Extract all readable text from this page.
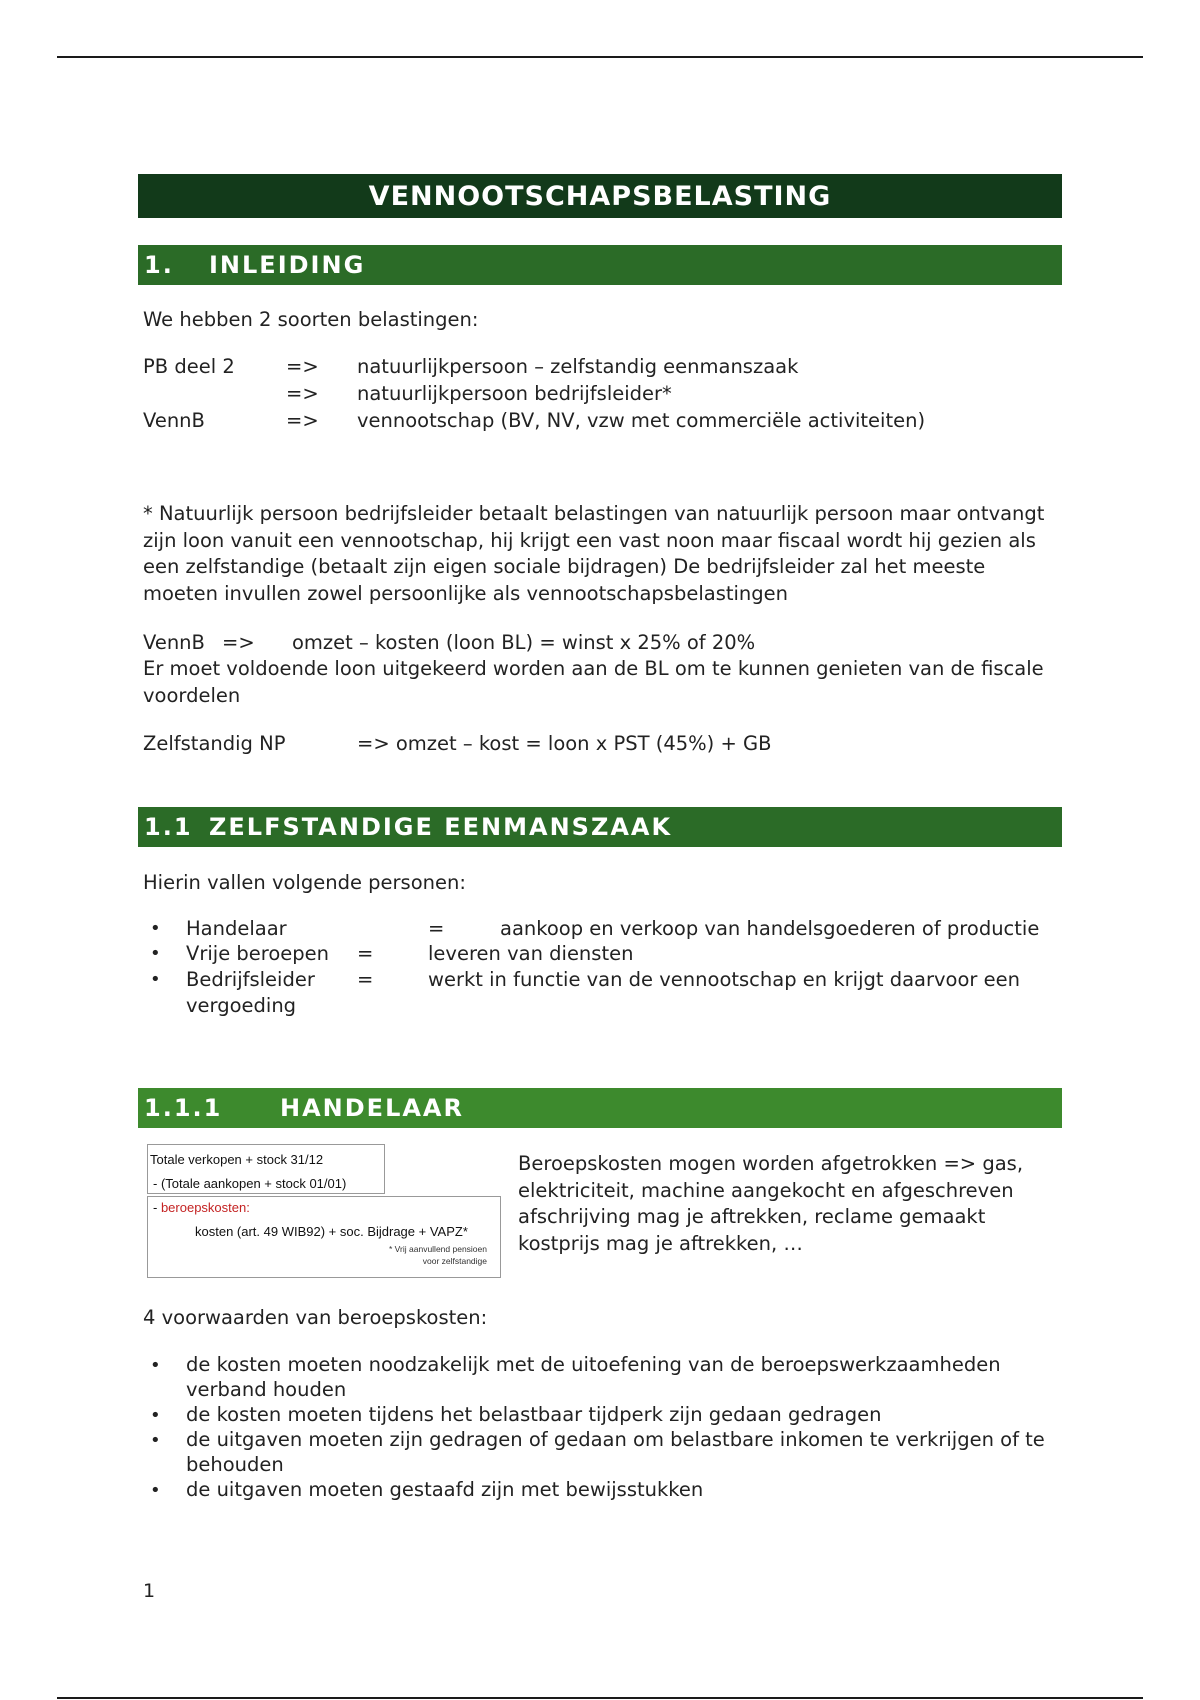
VENNOOTSCHAPSBELASTING
1.	INLEIDING
We hebben 2 soorten belastingen:
PB deel 2	=> natuurlijkpersoon – zelfstandig eenmanszaak
=> natuurlijkpersoon bedrijfsleider*
VennB	=> vennootschap (BV, NV, vzw met commerciële activiteiten)
* Natuurlijk persoon bedrijfsleider betaalt belastingen van natuurlijk persoon maar ontvangt zijn loon vanuit een vennootschap, hij krijgt een vast noon maar fiscaal wordt hij gezien als een zelfstandige (betaalt zijn eigen sociale bijdragen) De bedrijfsleider zal het meeste moeten invullen zowel persoonlijke als vennootschapsbelastingen
VennB => omzet – kosten (loon BL) = winst x 25% of 20%
Er moet voldoende loon uitgekeerd worden aan de BL om te kunnen genieten van de fiscale voordelen
Zelfstandig NP	=> omzet – kost = loon x PST (45%) + GB
1.1 ZELFSTANDIGE EENMANSZAAK
Hierin vallen volgende personen:
• Handelaar	=	aankoop en verkoop van handelsgoederen of productie
• Vrije beroepen =	leveren van diensten
• Bedrijfsleider =	werkt in functie van de vennootschap en krijgt daarvoor een
vergoeding
1.1.1	HANDELAAR
Totale verkopen + stock 31/12
- (Totale aankopen + stock 01/01)
- beroepskosten:
kosten (art. 49 WIB92) + soc. Bijdrage + VAPZ*
* Vrij aanvullend pensioen
voor zelfstandige
Beroepskosten mogen worden afgetrokken => gas, elektriciteit, machine aangekocht en afgeschreven afschrijving mag je aftrekken, reclame gemaakt kostprijs mag je aftrekken, …
4 voorwaarden van beroepskosten:
• de kosten moeten noodzakelijk met de uitoefening van de beroepswerkzaamheden verband houden
• de kosten moeten tijdens het belastbaar tijdperk zijn gedaan gedragen
• de uitgaven moeten zijn gedragen of gedaan om belastbare inkomen te verkrijgen of te behouden
• de uitgaven moeten gestaafd zijn met bewijsstukken
1
